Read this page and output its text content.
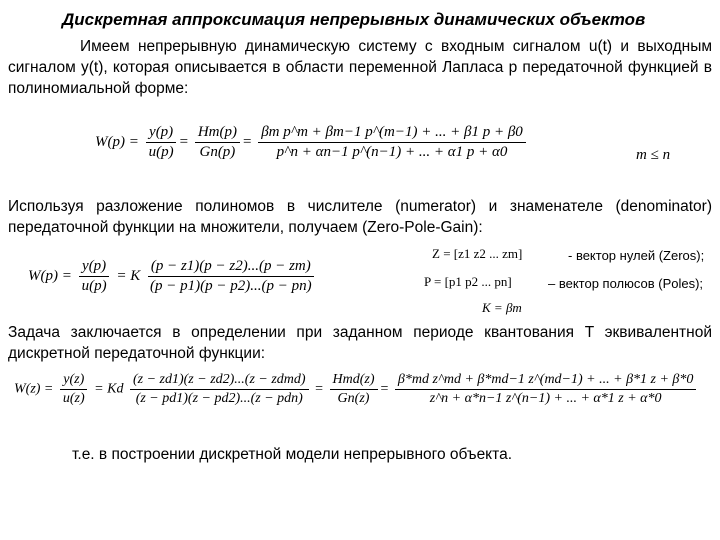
Дискретная аппроксимация непрерывных динамических объектов
Имеем непрерывную динамическую систему с входным сигналом u(t) и выходным сигналом y(t), которая описывается в области переменной Лапласа p передаточной функцией в полиномиальной форме:
$W(p) = \frac{y(p)}{u(p)} = \frac{Hm(p)}{Gn(p)} = \frac{\text{βm p\textasciicircum{}m + βm−1 p\textasciicircum{}(m−1) + ... + β1 p + β0}}{p\^{}n + \alpha n-1 p\^{}(n-1) + ... + \alpha 1 p + \alpha 0}$	m ≤ n
Используя разложение полиномов в числителе (numerator) и знаменателе (denominator) передаточной функции на множители, получаем (Zero-Pole-Gain):
$W(p) = \frac{y(p)}{u(p)} = K \frac{(p - z1)(p - z2)...(p - zm)}{(p - p1)(p - p2)...(p - pn)}$
Z = [z1 z2 ... zm]	- вектор нулей (Zeros);
P = [p1 p2 ... pn]	– вектор полюсов (Poles);
K = βm
Задача заключается в определении при заданном периоде квантования T эквивалентной дискретной передаточной функции:
$W(z) = \frac{y(z)}{u(z)} = Kd \frac{\text{(z − zd1)(z − zd2)...(z − zdmd)}}{\text{(z − pd1)(z − pd2)...(z − pdn)}} = \frac{\text{Hmd(z)}}{Gn(z)} = \frac{\text{β*md z\textasciicircum{}md + β*md−1 z\textasciicircum{}(md−1) + ... + β*1 z + β*0}}{z\^{}n + \alpha*n-1 z\^{}(n-1) + ... + \alpha*1 z + \alpha*0}$
т.е. в построении дискретной модели непрерывного объекта.
